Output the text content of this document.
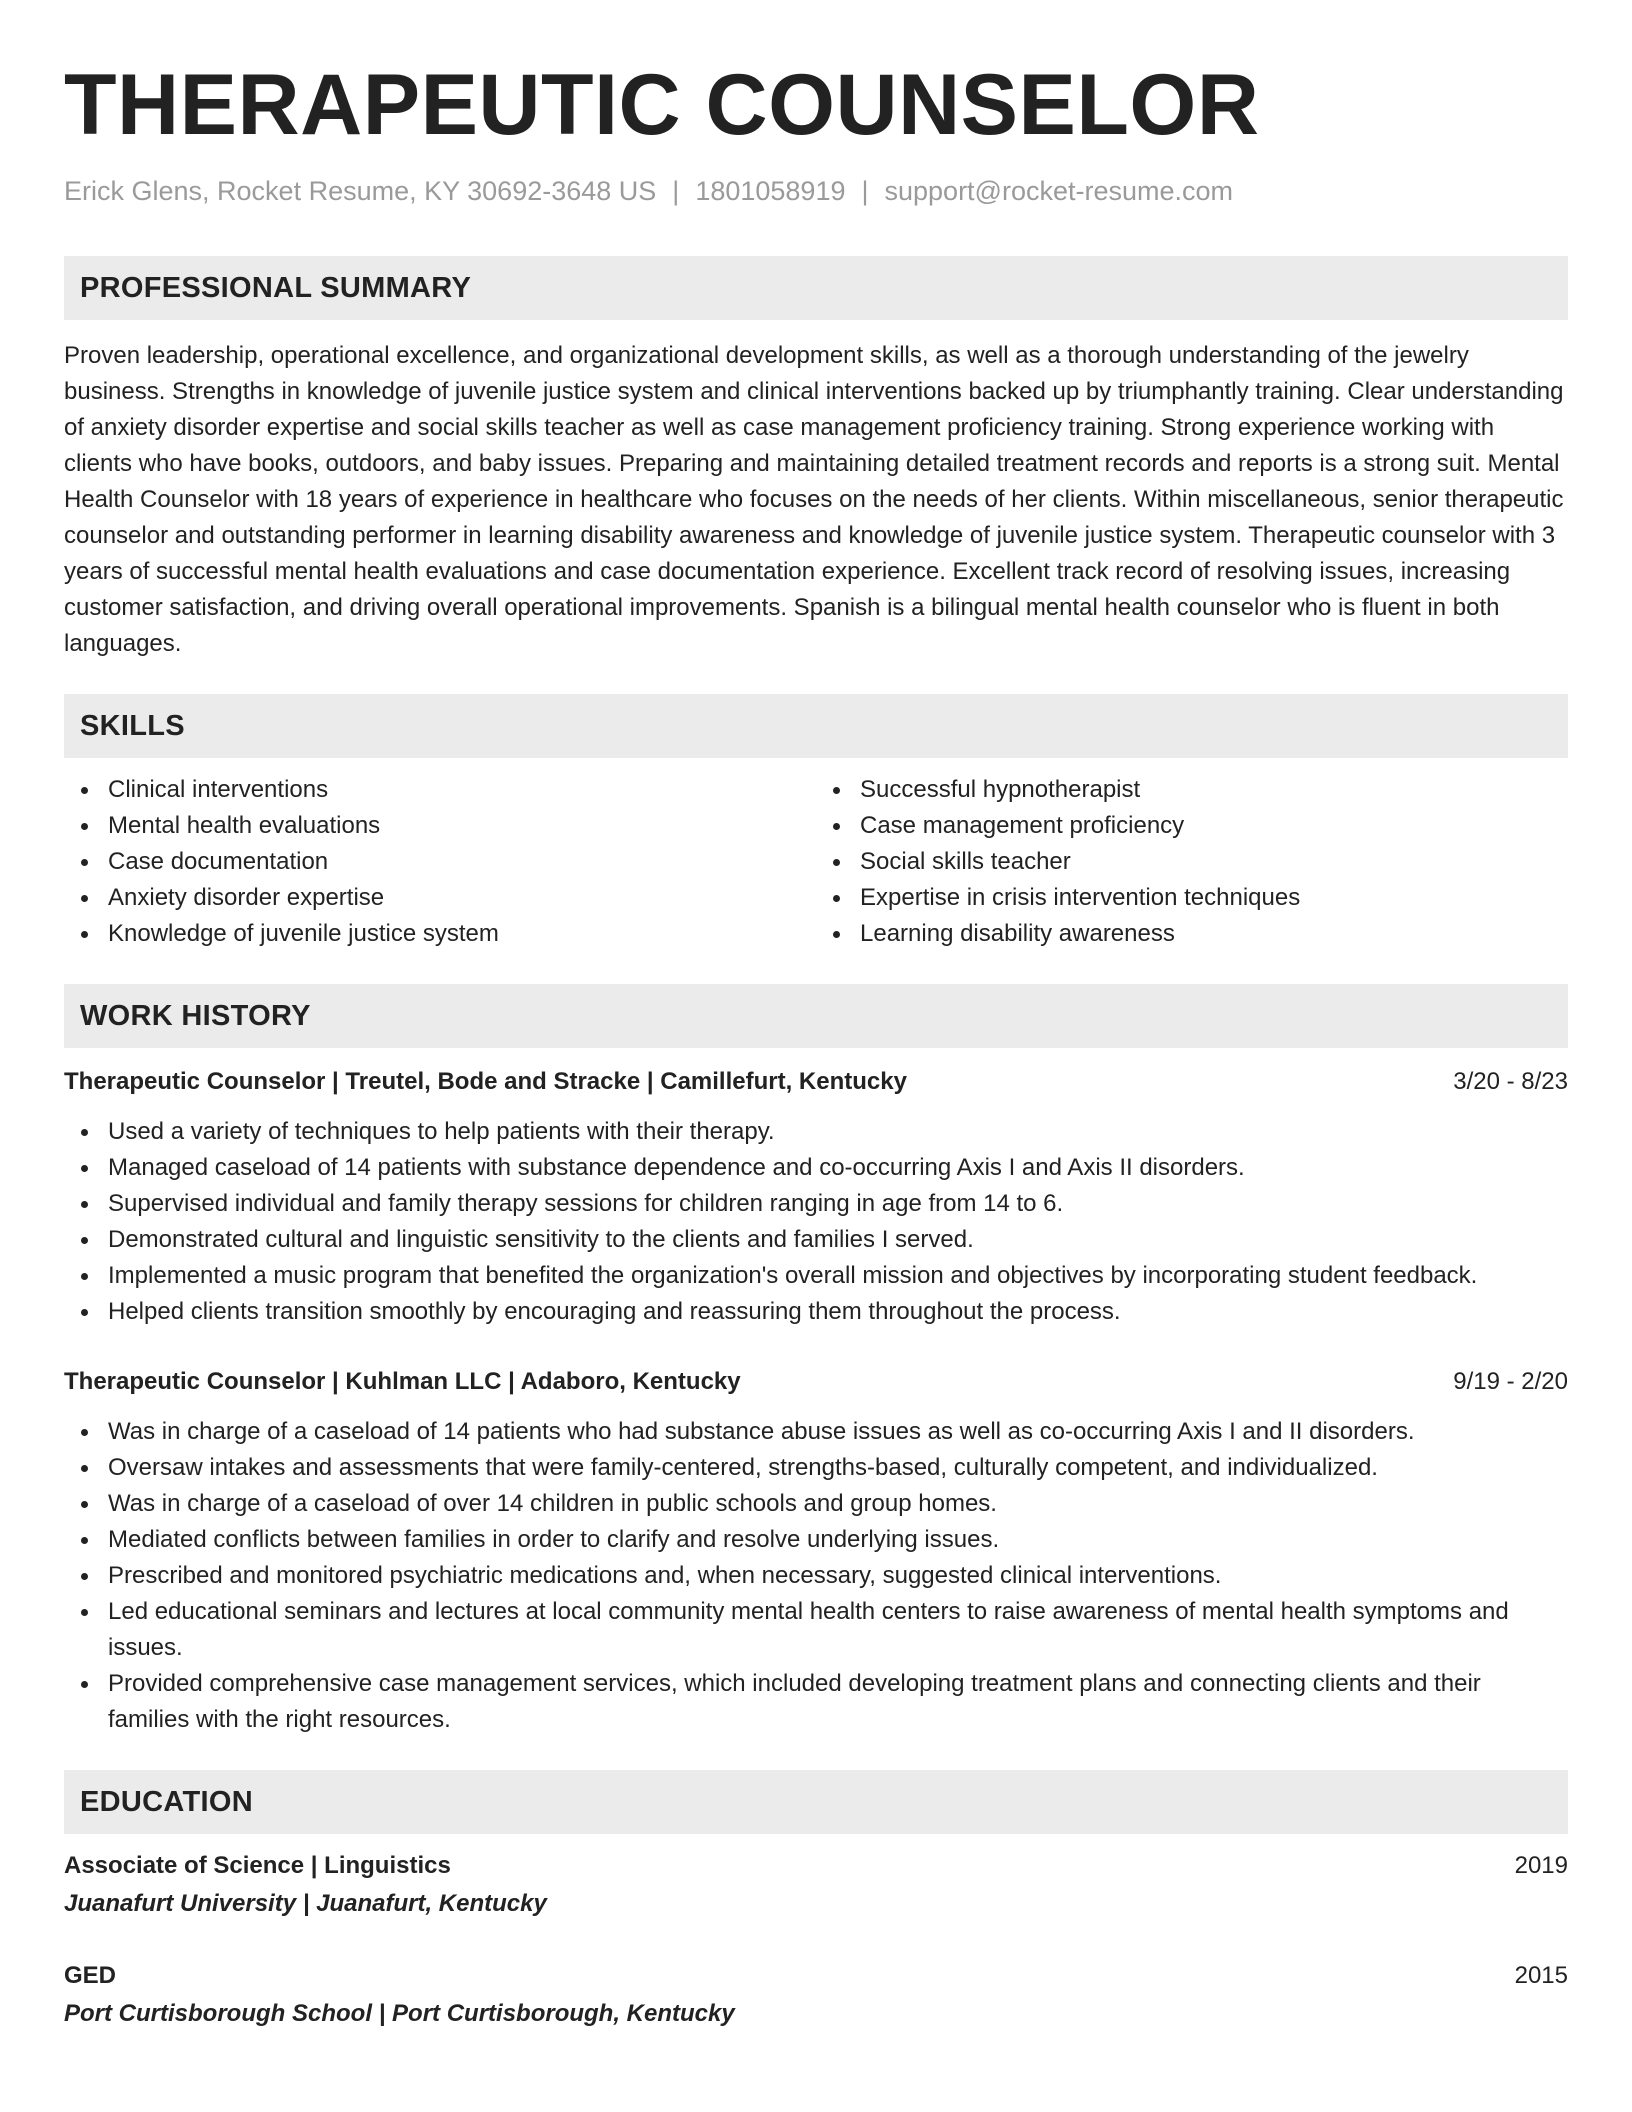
THERAPEUTIC COUNSELOR
Erick Glens, Rocket Resume, KY 30692-3648 US | 1801058919 | support@rocket-resume.com
PROFESSIONAL SUMMARY
Proven leadership, operational excellence, and organizational development skills, as well as a thorough understanding of the jewelry business. Strengths in knowledge of juvenile justice system and clinical interventions backed up by triumphantly training. Clear understanding of anxiety disorder expertise and social skills teacher as well as case management proficiency training. Strong experience working with clients who have books, outdoors, and baby issues. Preparing and maintaining detailed treatment records and reports is a strong suit. Mental Health Counselor with 18 years of experience in healthcare who focuses on the needs of her clients. Within miscellaneous, senior therapeutic counselor and outstanding performer in learning disability awareness and knowledge of juvenile justice system. Therapeutic counselor with 3 years of successful mental health evaluations and case documentation experience. Excellent track record of resolving issues, increasing customer satisfaction, and driving overall operational improvements. Spanish is a bilingual mental health counselor who is fluent in both languages.
SKILLS
Clinical interventions
Mental health evaluations
Case documentation
Anxiety disorder expertise
Knowledge of juvenile justice system
Successful hypnotherapist
Case management proficiency
Social skills teacher
Expertise in crisis intervention techniques
Learning disability awareness
WORK HISTORY
Therapeutic Counselor | Treutel, Bode and Stracke | Camillefurt, Kentucky	3/20 - 8/23
Used a variety of techniques to help patients with their therapy.
Managed caseload of 14 patients with substance dependence and co-occurring Axis I and Axis II disorders.
Supervised individual and family therapy sessions for children ranging in age from 14 to 6.
Demonstrated cultural and linguistic sensitivity to the clients and families I served.
Implemented a music program that benefited the organization's overall mission and objectives by incorporating student feedback.
Helped clients transition smoothly by encouraging and reassuring them throughout the process.
Therapeutic Counselor | Kuhlman LLC | Adaboro, Kentucky	9/19 - 2/20
Was in charge of a caseload of 14 patients who had substance abuse issues as well as co-occurring Axis I and II disorders.
Oversaw intakes and assessments that were family-centered, strengths-based, culturally competent, and individualized.
Was in charge of a caseload of over 14 children in public schools and group homes.
Mediated conflicts between families in order to clarify and resolve underlying issues.
Prescribed and monitored psychiatric medications and, when necessary, suggested clinical interventions.
Led educational seminars and lectures at local community mental health centers to raise awareness of mental health symptoms and issues.
Provided comprehensive case management services, which included developing treatment plans and connecting clients and their families with the right resources.
EDUCATION
Associate of Science | Linguistics	2019
Juanafurt University | Juanafurt, Kentucky
GED	2015
Port Curtisborough School | Port Curtisborough, Kentucky
